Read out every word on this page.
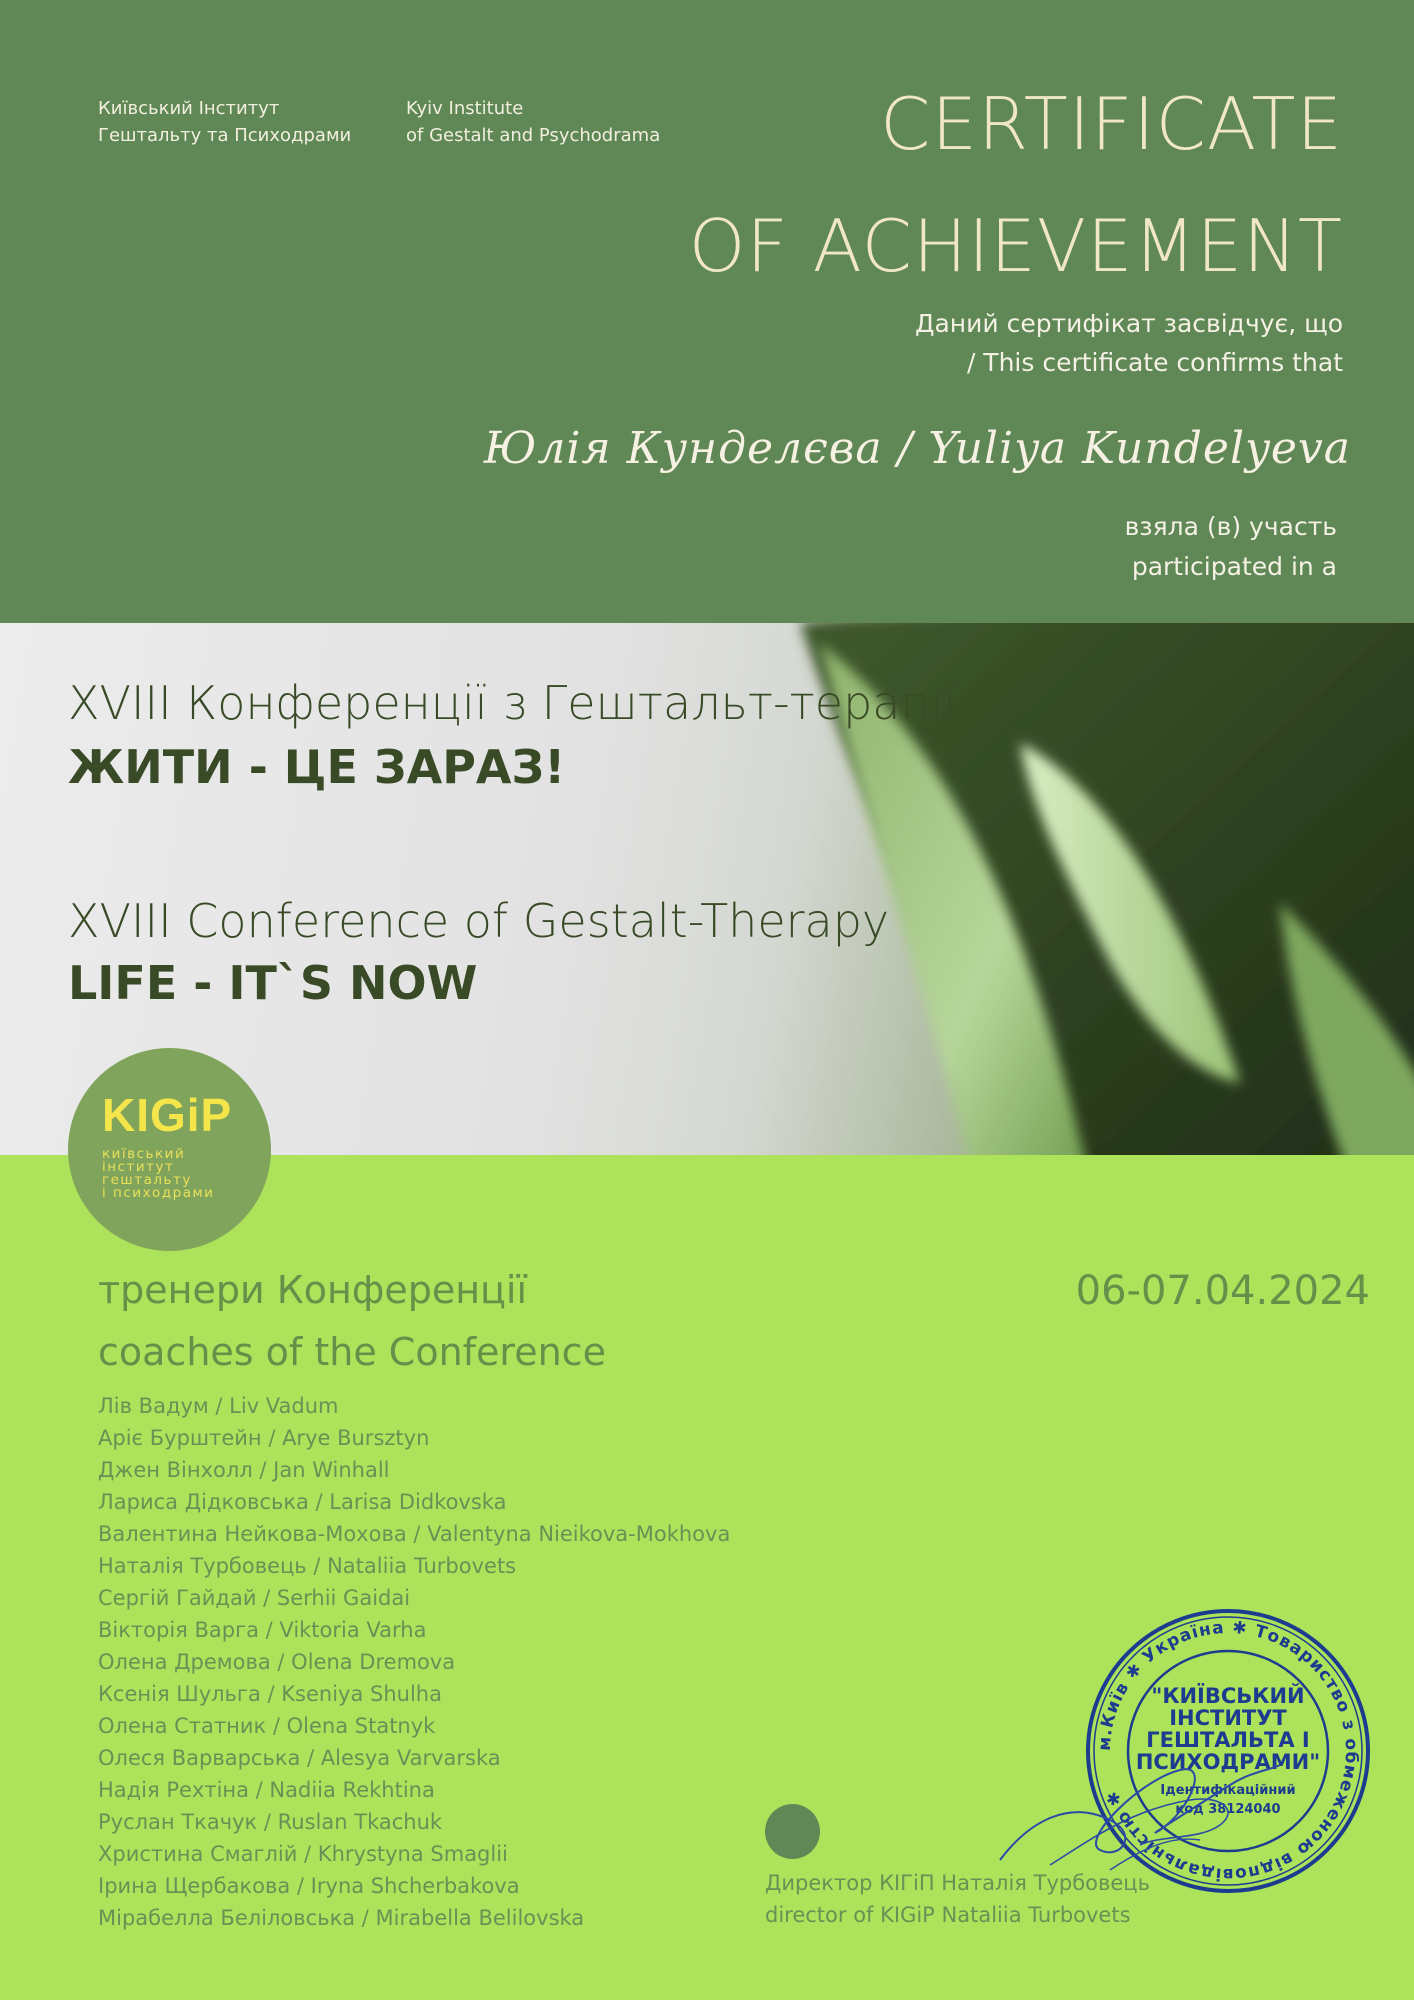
Київський Інститут
Гештальту та Психодрами
Kyiv Institute
of Gestalt and Psychodrama	CERTIFICATE
OF ACHIEVEMENT
Даний сертифікат засвідчує, що
/ This certificate confirms that
Юлія Кунделєва / Yuliya Kundelyeva
взяла (в) участь
participated in a
XVIII Конференції з Гештальт-терапії
ЖИТИ - ЦЕ ЗАРАЗ!
XVIII Conference of Gestalt-Therapy
LIFE - IT`S NOW
KIGiP
київський
інститут
гештальту
і психодрами
тренери Конференції
coaches of the Conference
06-07.04.2024
Лів Вадум / Liv Vadum
Аріє Бурштейн / Arye Bursztyn
Джен Вінхолл / Jan Winhall
Лариса Дідковська / Larisa Didkovska
Валентина Нейкова-Мохова / Valentyna Nieikova-Mokhova
Наталія Турбовець / Nataliia Turbovets
Сергій Гайдай / Serhii Gaidai
Вікторія Варга / Viktoria Varha
Олена Дремова / Olena Dremova
Ксенія Шульга / Kseniya Shulha
Олена Статник / Olena Statnyk
Олеся Варварська / Alesya Varvarska
Надія Рехтіна / Nadiia Rekhtina
Руслан Ткачук / Ruslan Tkachuk
Христина Смаглій / Khrystyna Smaglii
Ірина Щербакова / Iryna Shcherbakova
Мірабелла Беліловська / Mirabella Belilovska
Директор КІГіП Наталія Турбовець
director of KIGiP Nataliia Turbovets
м.Київ ✱ Україна ✱ Товариство з обмеженою відповідальністю ✱
"КИЇВСЬКИЙ
ІНСТИТУТ
ГЕШТАЛЬТА І
ПСИХОДРАМИ"
Ідентифікаційний
код 38124040
